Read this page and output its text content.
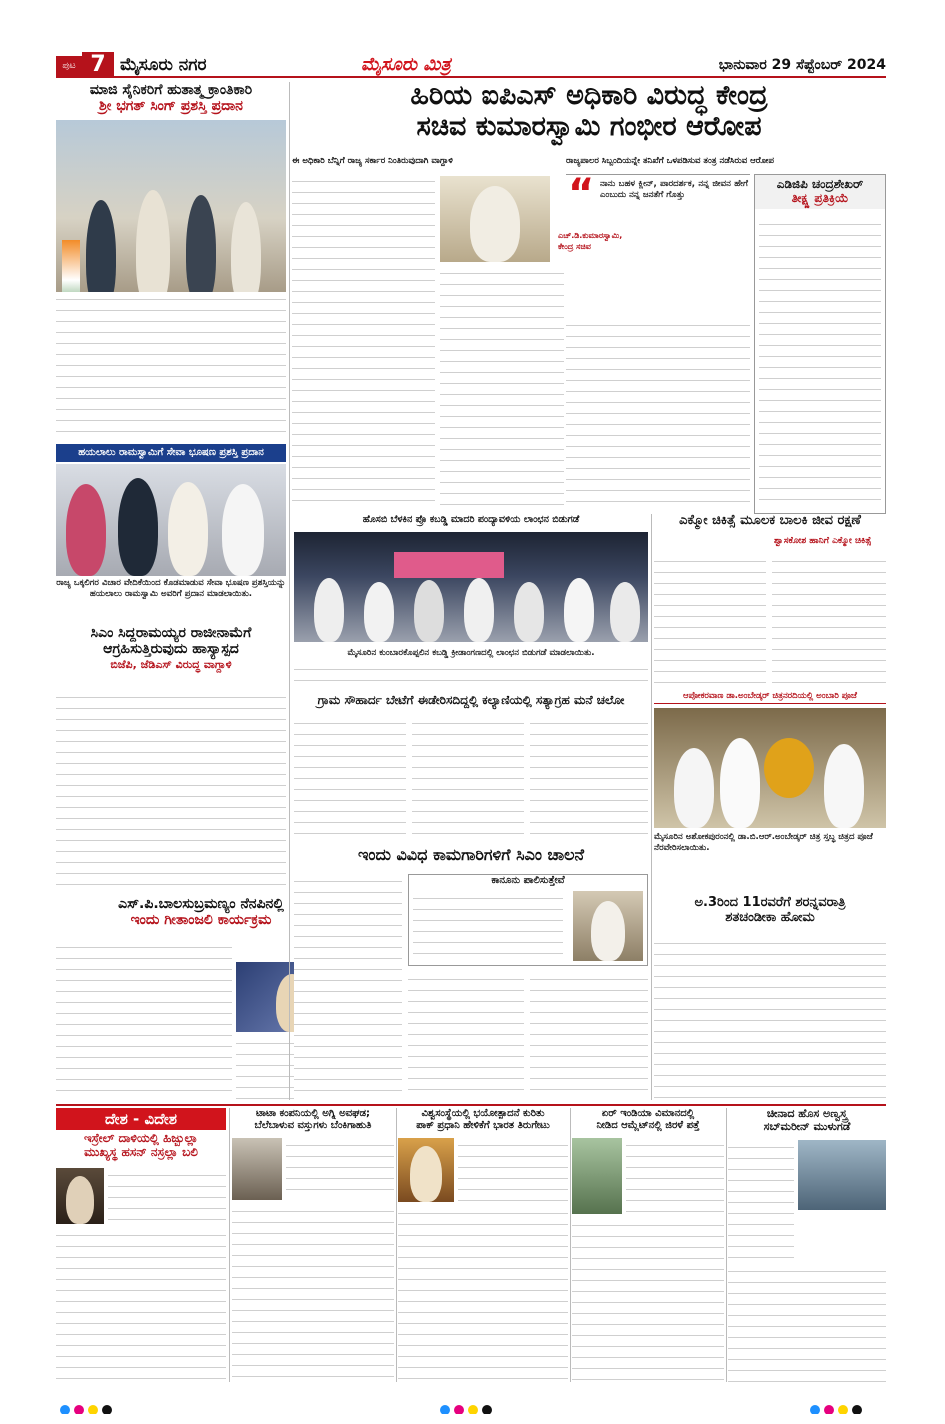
ಪುಟ 7 ಮೈಸೂರು ನಗರ	ಮೈಸೂರು ಮಿತ್ರ	ಭಾನುವಾರ 29 ಸೆಪ್ಟೆಂಬರ್ 2024
ಮಾಜಿ ಸೈನಿಕರಿಗೆ ಹುತಾತ್ಮ ಕ್ರಾಂತಿಕಾರಿ
ಶ್ರೀ ಭಗತ್ ಸಿಂಗ್ ಪ್ರಶಸ್ತಿ ಪ್ರದಾನ
ಹಯಲಾಲು ರಾಮಸ್ವಾಮಿಗೆ ಸೇವಾ ಭೂಷಣ ಪ್ರಶಸ್ತಿ ಪ್ರದಾನ
ರಾಜ್ಯ ಒಕ್ಕಲಿಗರ ವಿಚಾರ ವೇದಿಕೆಯಿಂದ ಕೊಡಮಾಡುವ ಸೇವಾ ಭೂಷಣ ಪ್ರಶಸ್ತಿಯನ್ನು ಹಯಲಾಲು ರಾಮಸ್ವಾಮಿ ಅವರಿಗೆ ಪ್ರದಾನ ಮಾಡಲಾಯಿತು.
ಸಿಎಂ ಸಿದ್ದರಾಮಯ್ಯರ ರಾಜೀನಾಮೆಗೆ
ಆಗ್ರಹಿಸುತ್ತಿರುವುದು ಹಾಸ್ಯಾಸ್ಪದ
ಬಿಜೆಪಿ, ಜೆಡಿಎಸ್ ವಿರುದ್ಧ ವಾಗ್ದಾಳಿ
ಎಸ್.ಪಿ.ಬಾಲಸುಬ್ರಮಣ್ಯಂ ನೆನಪಿನಲ್ಲಿ
ಇಂದು ಗೀತಾಂಜಲಿ ಕಾರ್ಯಕ್ರಮ
ಹಿರಿಯ ಐಪಿಎಸ್ ಅಧಿಕಾರಿ ವಿರುದ್ಧ ಕೇಂದ್ರ
ಸಚಿವ ಕುಮಾರಸ್ವಾಮಿ ಗಂಭೀರ ಆರೋಪ
ಈ ಅಧಿಕಾರಿ ಬೆನ್ನಿಗೆ ರಾಜ್ಯ ಸರ್ಕಾರ ನಿಂತಿರುವುದಾಗಿ ವಾಗ್ದಾಳಿ	ರಾಜ್ಯಪಾಲರ ಸಿಬ್ಬಂದಿಯನ್ನೇ ತನಿಖೆಗೆ ಒಳಪಡಿಸುವ ತಂತ್ರ ನಡೆಸಿರುವ ಆರೋಪ
ಎಚ್.ಡಿ.ಕುಮಾರಸ್ವಾಮಿ, ಕೇಂದ್ರ ಸಚಿವ
“ ನಾನು ಬಹಳ ಕ್ಲೀನ್, ಪಾರದರ್ಶಕ, ನನ್ನ ಜೀವನ ಹೇಗೆ ಎಂಬುದು ನನ್ನ ಜನತೆಗೆ ಗೊತ್ತು
ಎಡಿಜಿಪಿ ಚಂದ್ರಶೇಖರ್
ತೀಕ್ಷ್ಣ ಪ್ರತಿಕ್ರಿಯೆ
ಹೊಸಬಿ ಬೆಳಕಿನ ಪ್ರೊ ಕಬಡ್ಡಿ ಮಾದರಿ ಪಂದ್ಯಾವಳಿಯ ಲಾಂಛನ ಬಿಡುಗಡೆ
ಮೈಸೂರಿನ ಕುಂಬಾರಕೊಪ್ಪಲಿನ ಕಬಡ್ಡಿ ಕ್ರೀಡಾಂಗಣದಲ್ಲಿ ಲಾಂಛನ ಬಿಡುಗಡೆ ಮಾಡಲಾಯಿತು.
ಎಕ್ಮೋ ಚಿಕಿತ್ಸೆ ಮೂಲಕ ಬಾಲಕಿ ಜೀವ ರಕ್ಷಣೆ
ಶ್ವಾಸಕೋಶ ಹಾನಿಗೆ ಎಕ್ಮೋ ಚಿಕಿತ್ಸೆ
ಆಪೋಕರವಾಣ ಡಾ.ಅಂಬೇಡ್ಕರ್ ಚಿತ್ರನರದಿಯಲ್ಲಿ ಅಂಬಾರಿ ಪೂಜೆ
ಮೈಸೂರಿನ ಅಶೋಕಪುರಂನಲ್ಲಿ ಡಾ.ಬಿ.ಆರ್.ಅಂಬೇಡ್ಕರ್ ಚಿತ್ರ ಸ್ತಬ್ಧ ಚಿತ್ರದ ಪೂಜೆ ನೆರವೇರಿಸಲಾಯಿತು.
ಗ್ರಾಮ ಸೌಹಾರ್ದ ಬೇಟೆಗೆ ಈಡೇರಿಸದಿದ್ದಲ್ಲಿ ಕಲ್ಯಾಣಿಯಲ್ಲಿ ಸತ್ಯಾಗ್ರಹ ಮನೆ ಚಲೋ
ಇಂದು ವಿವಿಧ ಕಾಮಗಾರಿಗಳಿಗೆ ಸಿಎಂ ಚಾಲನೆ
ಕಾನೂನು ಪಾಲಿಸುತ್ತೇವೆ
ಅ.3ರಿಂದ 11ರವರೆಗೆ ಶರನ್ನವರಾತ್ರಿ
ಶತಚಂಡೀಕಾ ಹೋಮ
ದೇಶ - ವಿದೇಶ
ಇಸ್ರೇಲ್ ದಾಳಿಯಲ್ಲಿ ಹಿಜ್ಬುಲ್ಲಾ
ಮುಖ್ಯಸ್ಥ ಹಸನ್ ನಸ್ರಲ್ಲಾ ಬಲಿ
ಟಾಟಾ ಕಂಪನಿಯಲ್ಲಿ ಅಗ್ನಿ ಅವಘಡ;
ಬೆಲೆಬಾಳುವ ವಸ್ತುಗಳು ಬೆಂಕಿಗಾಹುತಿ
ವಿಶ್ವಸಂಸ್ಥೆಯಲ್ಲಿ ಭಯೋತ್ಪಾದನೆ ಕುರಿತು
ಪಾಕ್ ಪ್ರಧಾನಿ ಹೇಳಿಕೆಗೆ ಭಾರತ ತಿರುಗೇಟು
ಏರ್ ಇಂಡಿಯಾ ವಿಮಾನದಲ್ಲಿ
ನೀಡಿದ ಆಮ್ಲೆಟ್‌ನಲ್ಲಿ ಜಿರಳೆ ಪತ್ತೆ
ಚೀನಾದ ಹೊಸ ಅಣ್ವಸ್ತ್ರ
ಸಬ್‌ಮರೀನ್ ಮುಳುಗಡೆ
